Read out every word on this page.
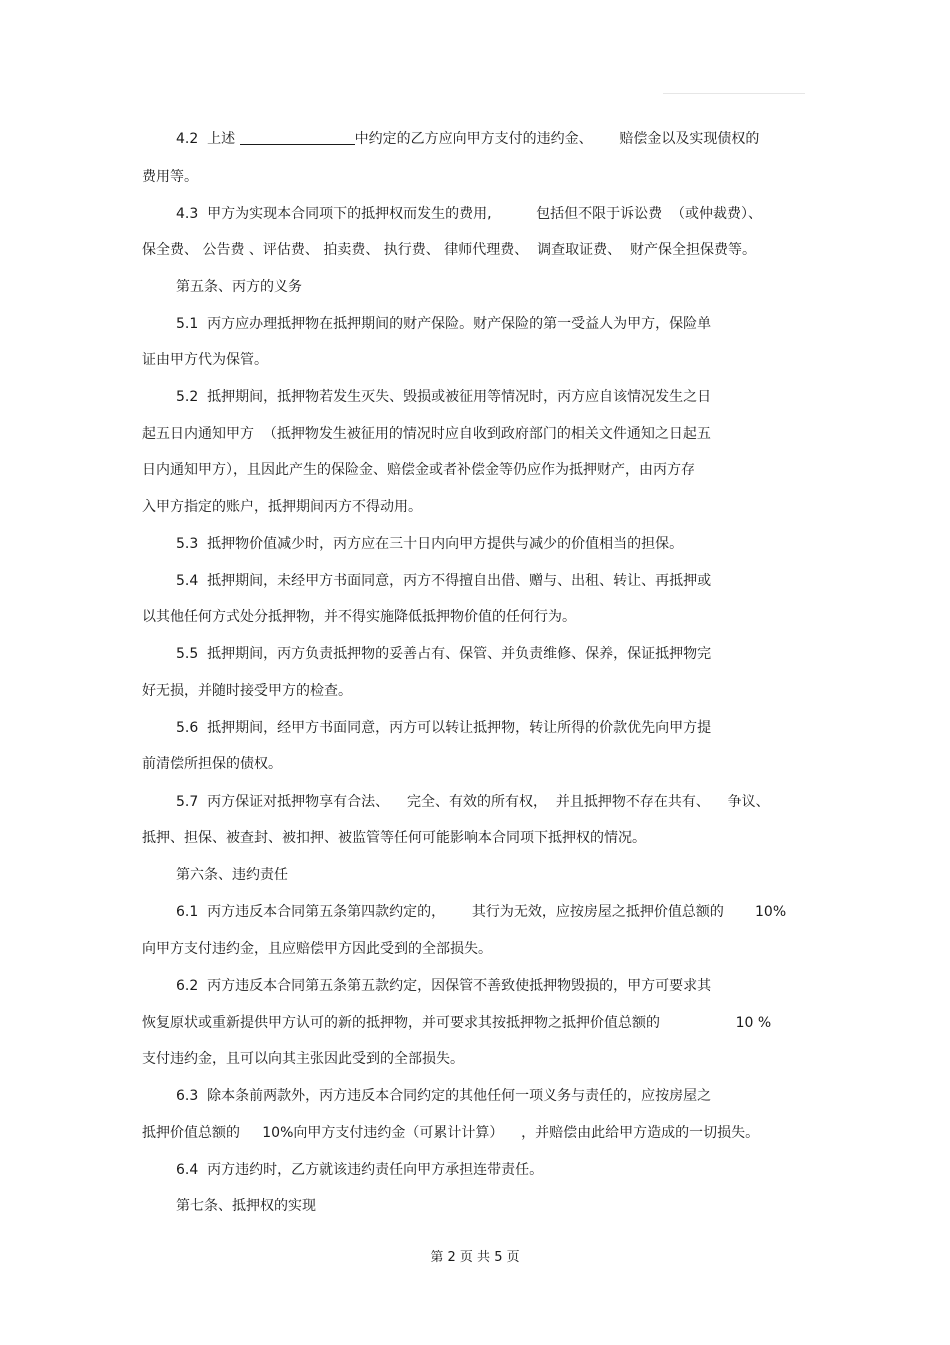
4.2  上述	中约定的乙方应向甲方支付的违约金、      赔偿金以及实现债权的
费用等。
4.3  甲方为实现本合同项下的抵押权而发生的费用,          包括但不限于诉讼费  （或仲裁费）、
保全费、 公告费 、评估费、 拍卖费、 执行费、 律师代理费、  调查取证费、  财产保全担保费等。
第五条、丙方的义务
5.1  丙方应办理抵押物在抵押期间的财产保险。财产保险的第一受益人为甲方，保险单
证由甲方代为保管。
5.2  抵押期间，抵押物若发生灭失、毁损或被征用等情况时，丙方应自该情况发生之日
起五日内通知甲方  （抵押物发生被征用的情况时应自收到政府部门的相关文件通知之日起五
日内通知甲方），且因此产生的保险金、赔偿金或者补偿金等仍应作为抵押财产，由丙方存
入甲方指定的账户，抵押期间丙方不得动用。
5.3  抵押物价值减少时，丙方应在三十日内向甲方提供与减少的价值相当的担保。
5.4  抵押期间，未经甲方书面同意，丙方不得擅自出借、赠与、出租、转让、再抵押或
以其他任何方式处分抵押物，并不得实施降低抵押物价值的任何行为。
5.5  抵押期间，丙方负责抵押物的妥善占有、保管、并负责维修、保养，保证抵押物完
好无损，并随时接受甲方的检查。
5.6  抵押期间，经甲方书面同意，丙方可以转让抵押物，转让所得的价款优先向甲方提
前清偿所担保的债权。
5.7  丙方保证对抵押物享有合法、    完全、有效的所有权，  并且抵押物不存在共有、    争议、
抵押、担保、被查封、被扣押、被监管等任何可能影响本合同项下抵押权的情况。
第六条、违约责任
6.1  丙方违反本合同第五条第四款约定的，      其行为无效，应按房屋之抵押价值总额的       10%
向甲方支付违约金，且应赔偿甲方因此受到的全部损失。
6.2  丙方违反本合同第五条第五款约定，因保管不善致使抵押物毁损的，甲方可要求其
恢复原状或重新提供甲方认可的新的抵押物，并可要求其按抵押物之抵押价值总额的                 10 %
支付违约金，且可以向其主张因此受到的全部损失。
6.3  除本条前两款外，丙方违反本合同约定的其他任何一项义务与责任的，应按房屋之
抵押价值总额的     10%向甲方支付违约金（可累计计算）    ，并赔偿由此给甲方造成的一切损失。
6.4  丙方违约时，乙方就该违约责任向甲方承担连带责任。
第七条、抵押权的实现
第 2 页 共 5 页
